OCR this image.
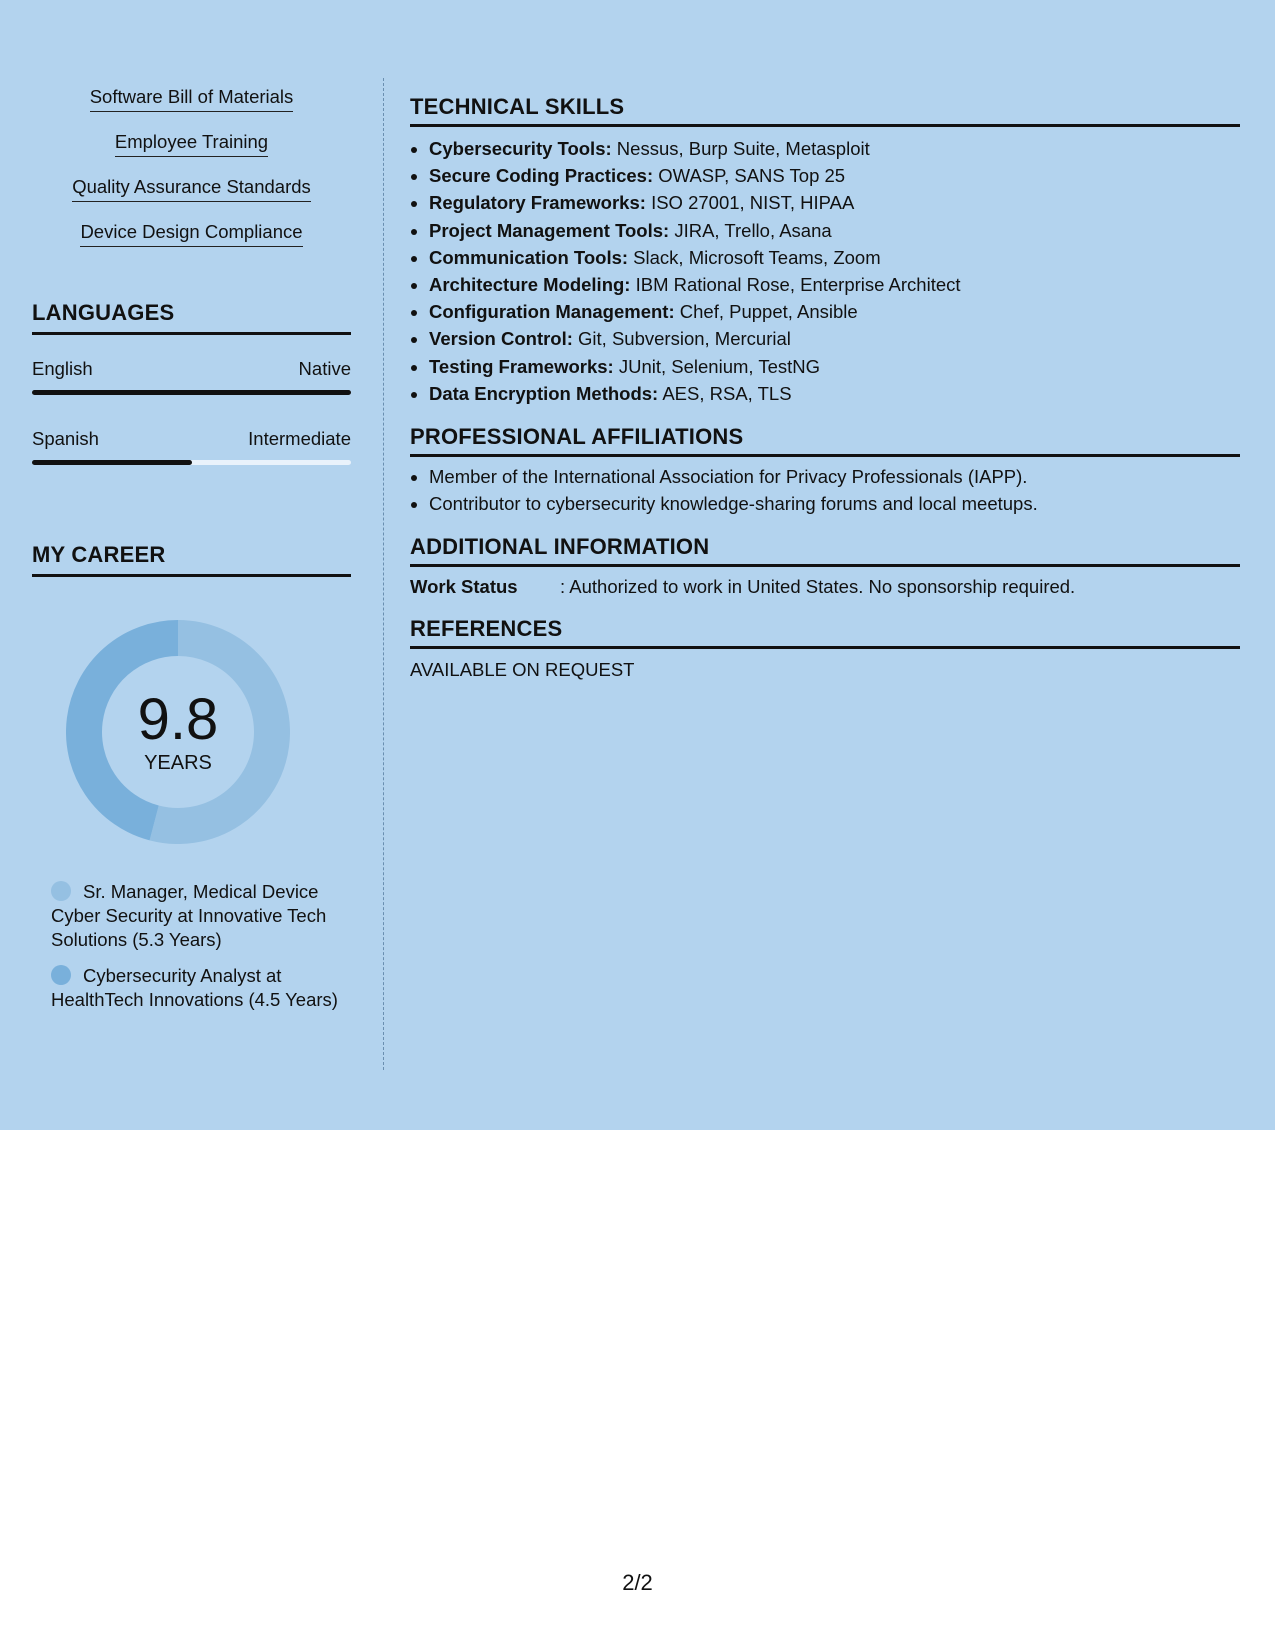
Software Bill of Materials
Employee Training
Quality Assurance Standards
Device Design Compliance
LANGUAGES
English	Native
Spanish	Intermediate
MY CAREER
9.8
YEARS
Sr. Manager, Medical Device Cyber Security at Innovative Tech Solutions (5.3 Years)
Cybersecurity Analyst at HealthTech Innovations (4.5 Years)
TECHNICAL SKILLS
• Cybersecurity Tools: Nessus, Burp Suite, Metasploit
• Secure Coding Practices: OWASP, SANS Top 25
• Regulatory Frameworks: ISO 27001, NIST, HIPAA
• Project Management Tools: JIRA, Trello, Asana
• Communication Tools: Slack, Microsoft Teams, Zoom
• Architecture Modeling: IBM Rational Rose, Enterprise Architect
• Configuration Management: Chef, Puppet, Ansible
• Version Control: Git, Subversion, Mercurial
• Testing Frameworks: JUnit, Selenium, TestNG
• Data Encryption Methods: AES, RSA, TLS
PROFESSIONAL AFFILIATIONS
• Member of the International Association for Privacy Professionals (IAPP).
• Contributor to cybersecurity knowledge-sharing forums and local meetups.
ADDITIONAL INFORMATION
Work Status	: Authorized to work in United States. No sponsorship required.
REFERENCES
AVAILABLE ON REQUEST
2/2
